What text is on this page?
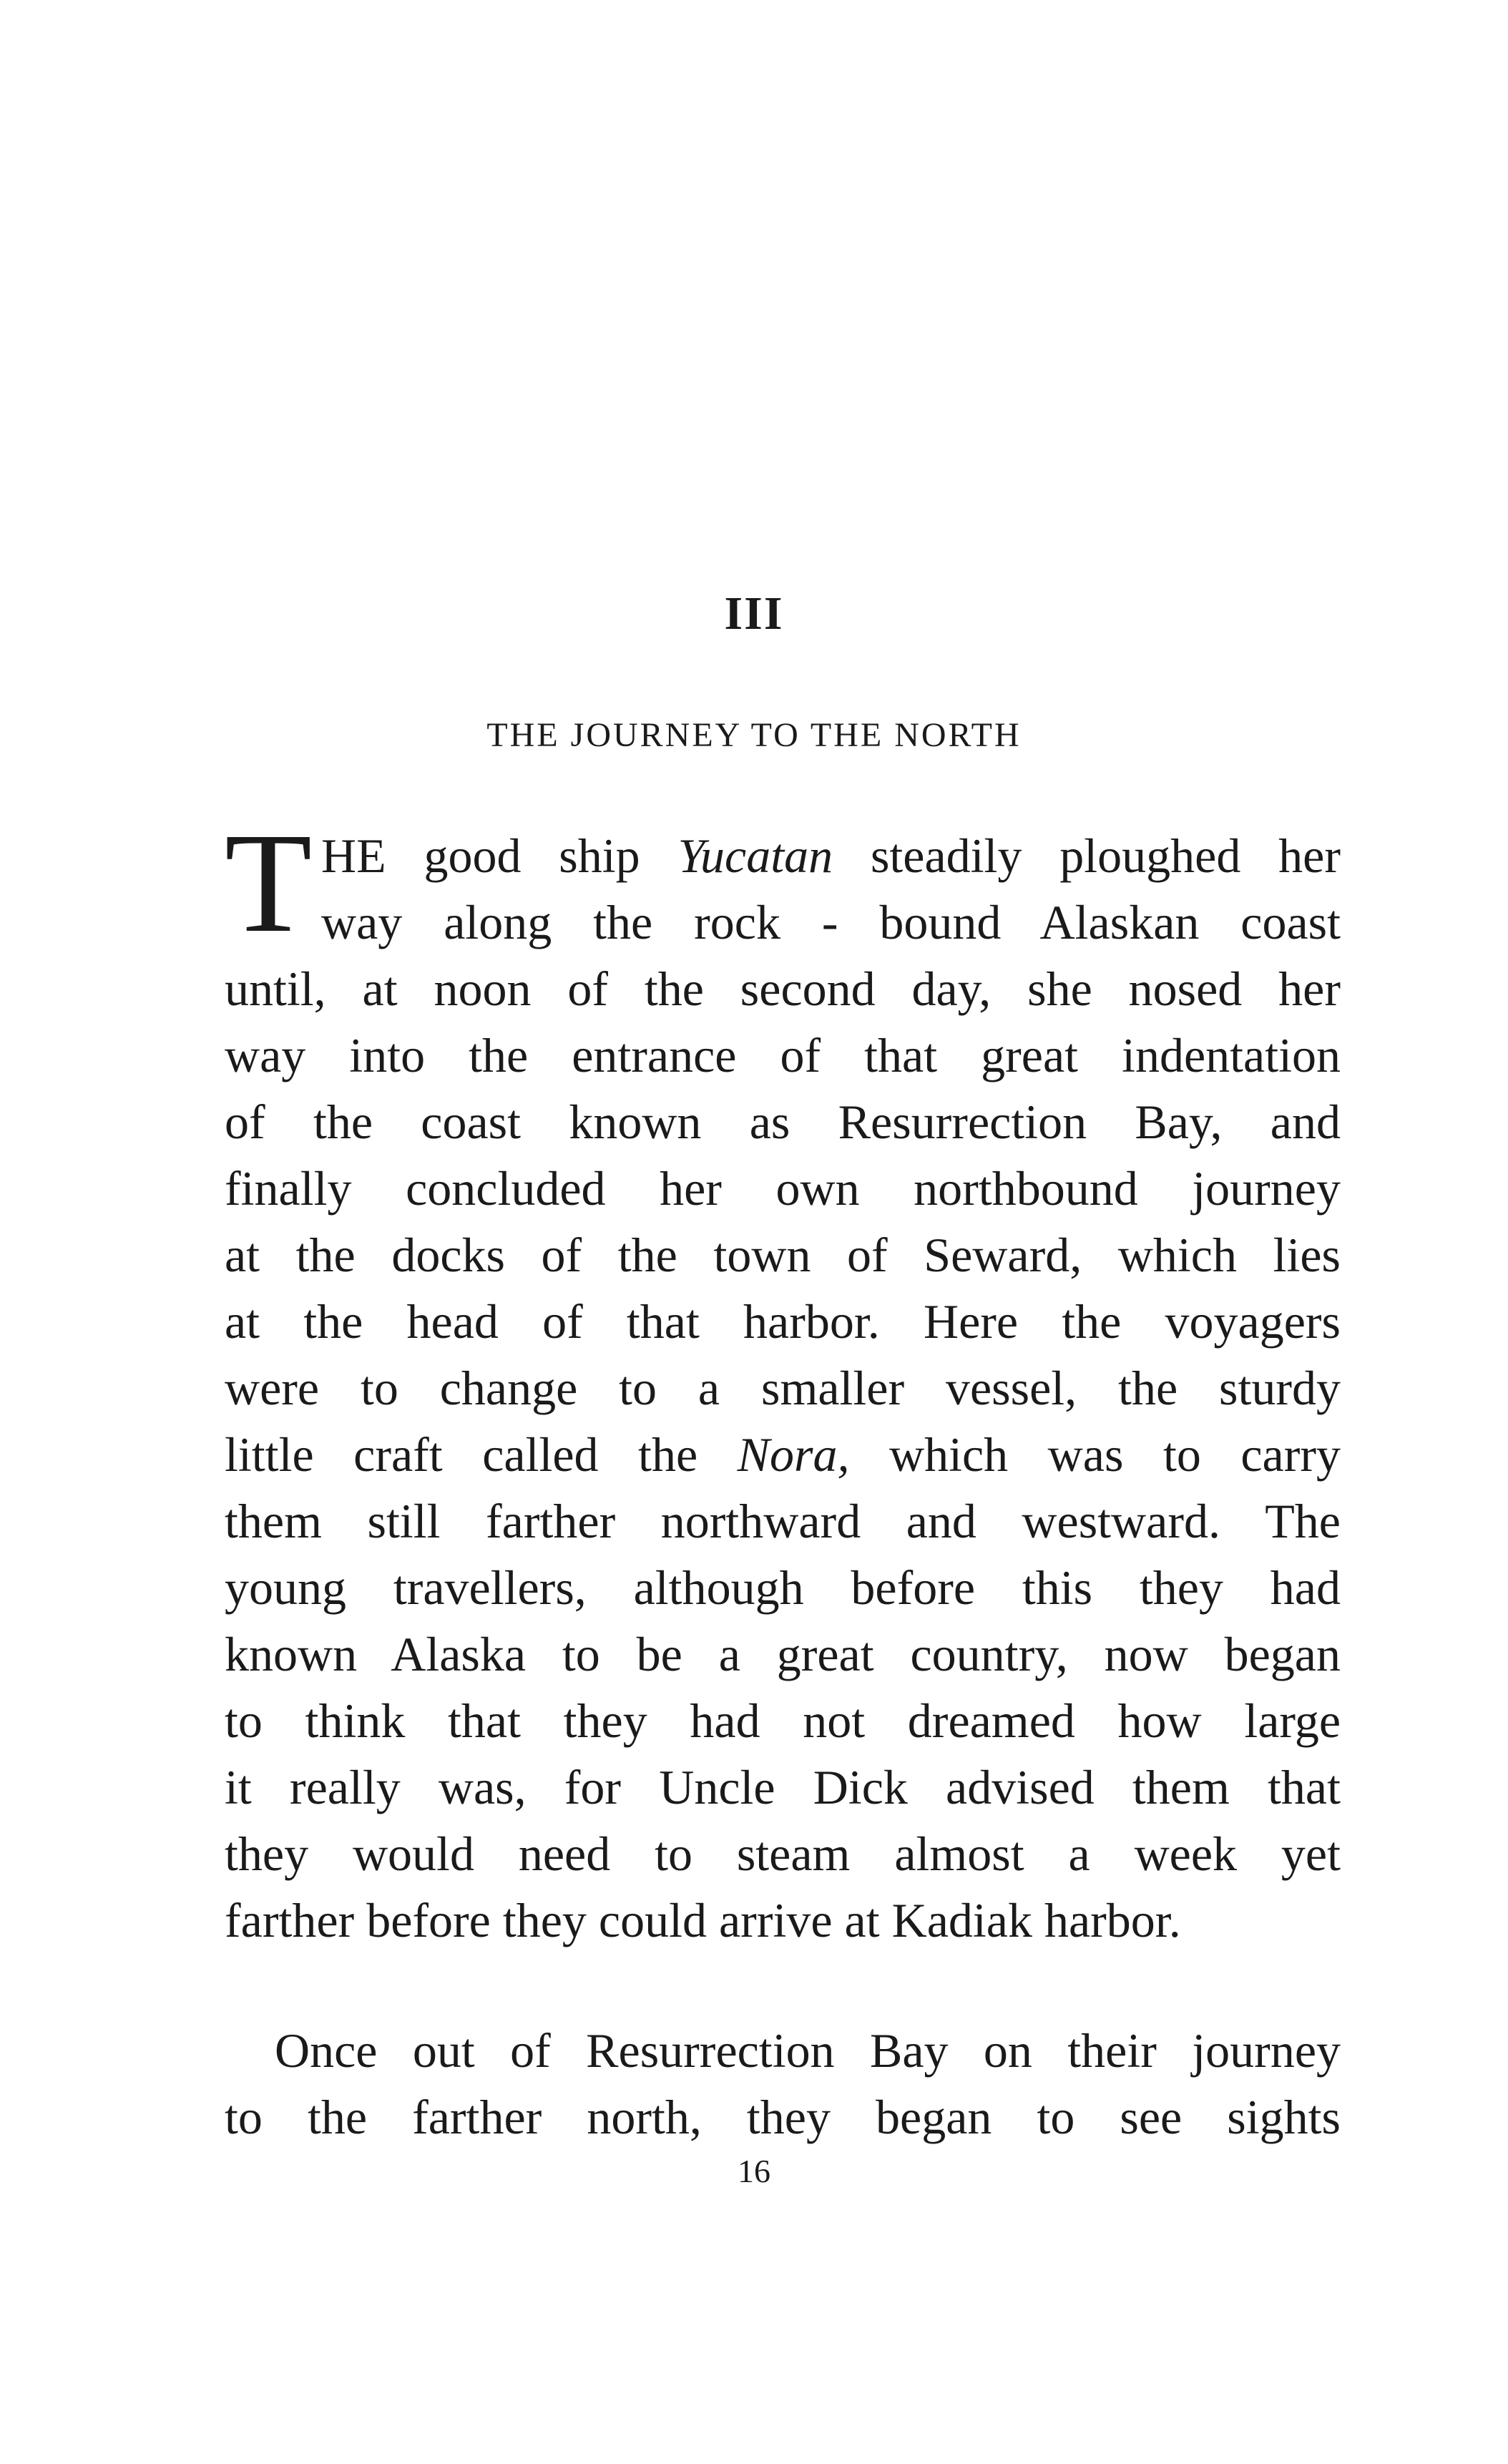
III
THE JOURNEY TO THE NORTH
T HE good ship Yucatan steadily ploughed her
way along the rock - bound Alaskan coast
until, at noon of the second day, she nosed her
way into the entrance of that great indentation
of the coast known as Resurrection Bay, and
finally concluded her own northbound journey
at the docks of the town of Seward, which lies
at the head of that harbor. Here the voyagers
were to change to a smaller vessel, the sturdy
little craft called the Nora, which was to carry
them still farther northward and westward. The
young travellers, although before this they had
known Alaska to be a great country, now began
to think that they had not dreamed how large
it really was, for Uncle Dick advised them that
they would need to steam almost a week yet
farther before they could arrive at Kadiak harbor.
Once out of Resurrection Bay on their journey
to the farther north, they began to see sights
16
